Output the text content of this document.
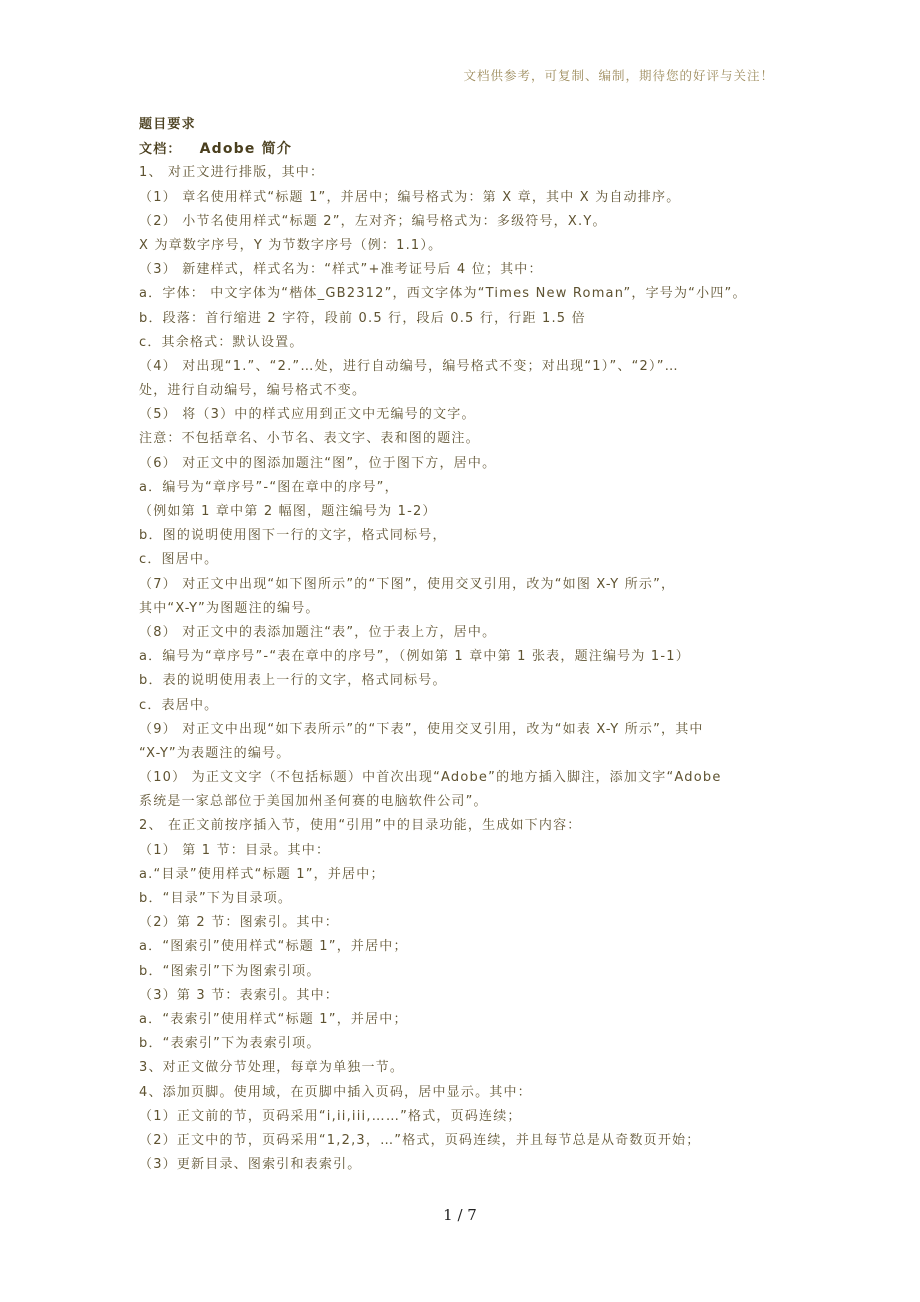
文档供参考，可复制、编制，期待您的好评与关注！
题目要求
文档： Adobe 简介
1、 对正文进行排版，其中：
（1） 章名使用样式“标题 1”，并居中；编号格式为：第 X 章，其中 X 为自动排序。
（2） 小节名使用样式“标题 2”，左对齐；编号格式为：多级符号，X.Y。
X 为章数字序号，Y 为节数字序号（例：1.1）。
（3） 新建样式，样式名为：“样式”+准考证号后 4 位；其中：
a．字体： 中文字体为“楷体_GB2312”，西文字体为“Times New Roman”，字号为“小四”。
b．段落：首行缩进 2 字符，段前 0.5 行，段后 0.5 行，行距 1.5 倍
c．其余格式：默认设置。
（4） 对出现“1.”、“2.”…处，进行自动编号，编号格式不变；对出现“1）”、“2）”…
处，进行自动编号，编号格式不变。
（5） 将（3）中的样式应用到正文中无编号的文字。
注意：不包括章名、小节名、表文字、表和图的题注。
（6） 对正文中的图添加题注“图”，位于图下方，居中。
a．编号为“章序号”-“图在章中的序号”，
（例如第 1 章中第 2 幅图，题注编号为 1-2）
b．图的说明使用图下一行的文字，格式同标号，
c．图居中。
（7） 对正文中出现“如下图所示”的“下图”，使用交叉引用，改为“如图 X-Y 所示”，
其中“X-Y”为图题注的编号。
（8） 对正文中的表添加题注“表”，位于表上方，居中。
a．编号为“章序号”-“表在章中的序号”，（例如第 1 章中第 1 张表，题注编号为 1-1）
b．表的说明使用表上一行的文字，格式同标号。
c．表居中。
（9） 对正文中出现“如下表所示”的“下表”，使用交叉引用，改为“如表 X-Y 所示”，其中
“X-Y”为表题注的编号。
（10） 为正文文字（不包括标题）中首次出现“Adobe”的地方插入脚注，添加文字“Adobe
系统是一家总部位于美国加州圣何赛的电脑软件公司”。
2、 在正文前按序插入节，使用“引用”中的目录功能，生成如下内容：
（1） 第 1 节：目录。其中：
a.“目录”使用样式“标题 1”，并居中；
b．“目录”下为目录项。
（2）第 2 节：图索引。其中：
a．“图索引”使用样式“标题 1”，并居中；
b．“图索引”下为图索引项。
（3）第 3 节：表索引。其中：
a．“表索引”使用样式“标题 1”，并居中；
b．“表索引”下为表索引项。
3、对正文做分节处理，每章为单独一节。
4、添加页脚。使用域，在页脚中插入页码，居中显示。其中：
（1）正文前的节，页码采用“i,ii,iii,……”格式，页码连续；
（2）正文中的节，页码采用“1,2,3，…”格式，页码连续，并且每节总是从奇数页开始；
（3）更新目录、图索引和表索引。
1 / 7
